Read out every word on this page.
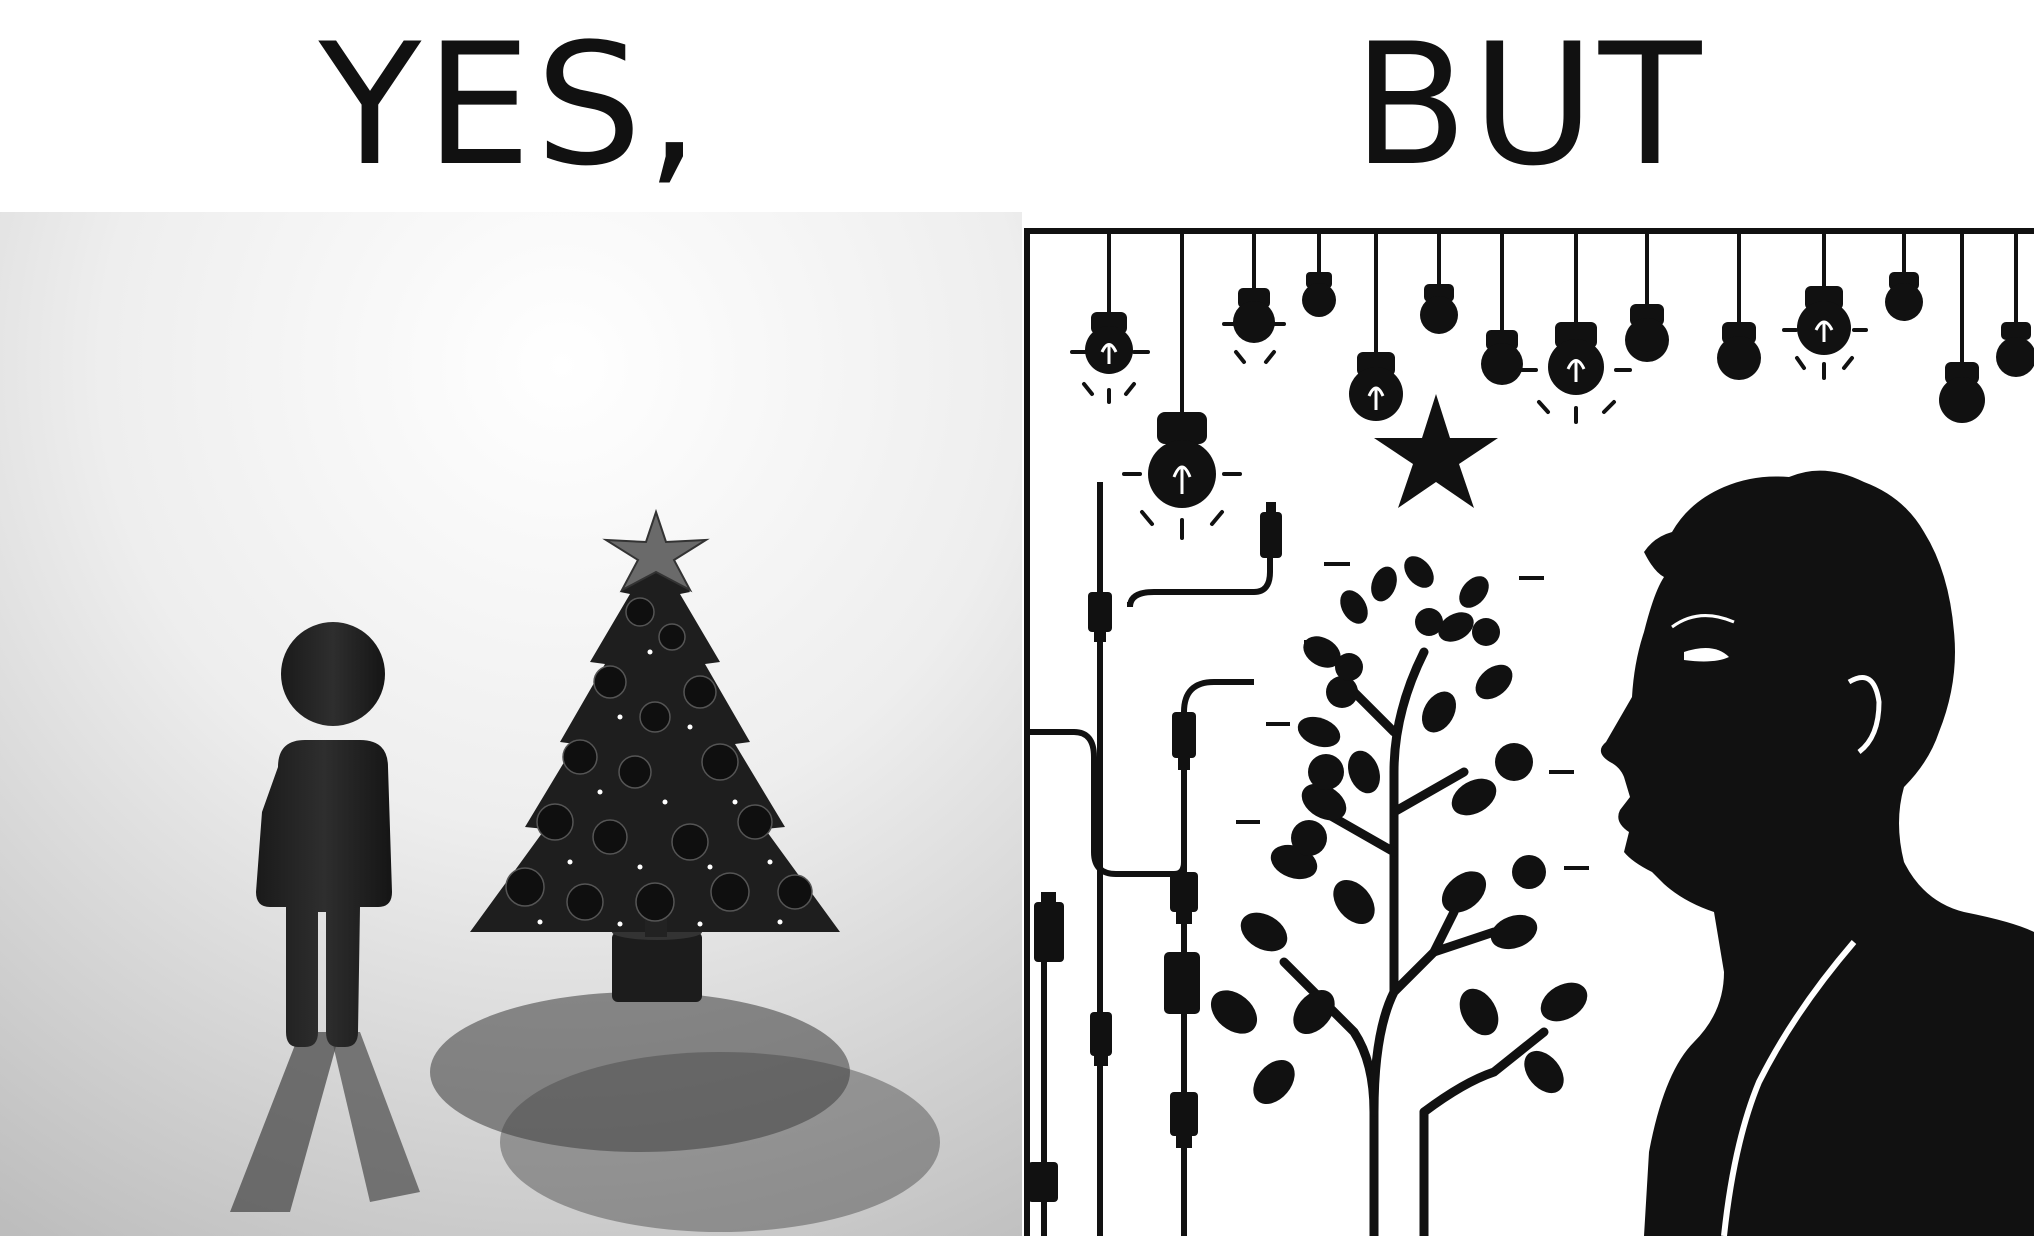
YES,	BUT
